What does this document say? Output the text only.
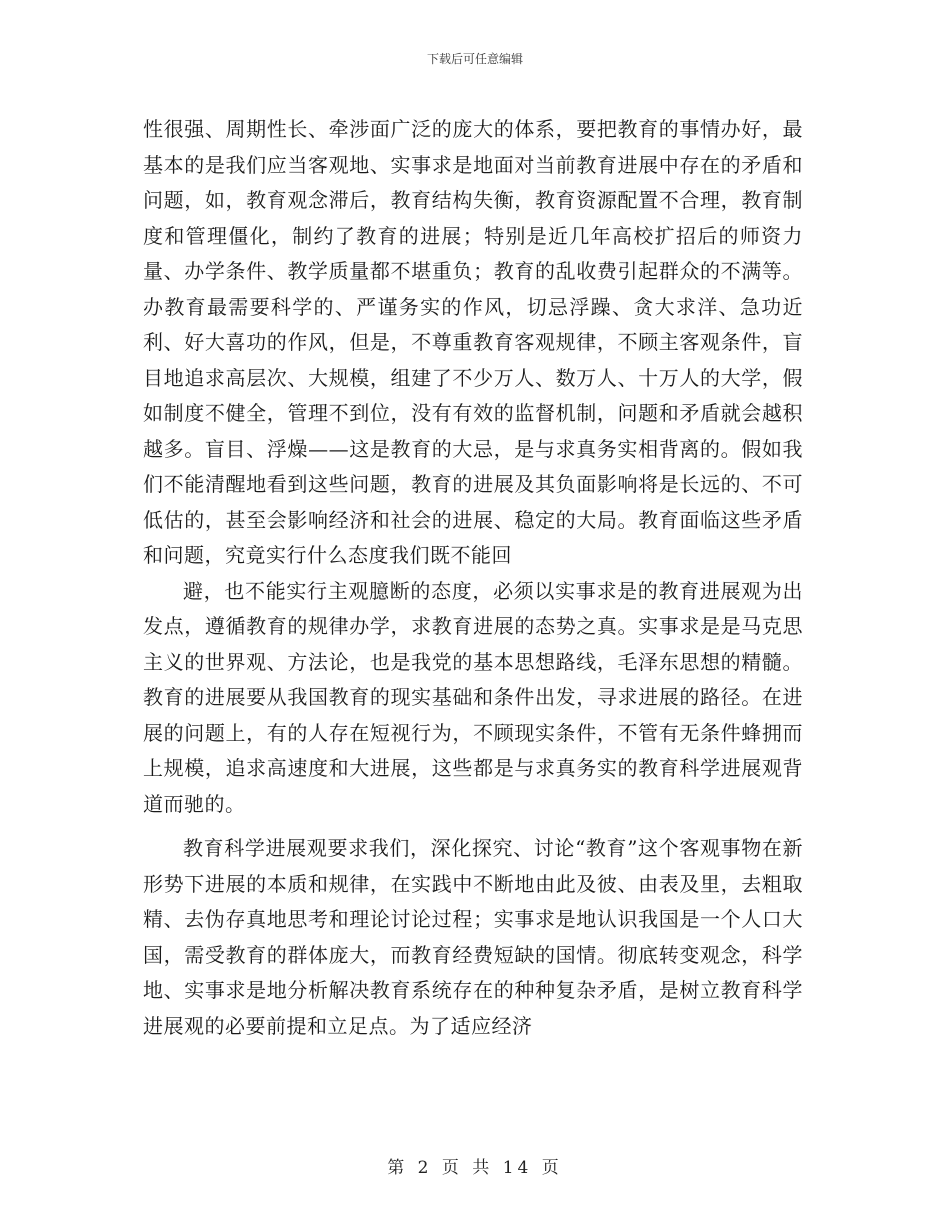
下载后可任意编辑

性很强、周期性长、牵涉面广泛的庞大的体系，要把教育的事情办好，最基本的是我们应当客观地、实事求是地面对当前教育进展中存在的矛盾和问题，如，教育观念滞后，教育结构失衡，教育资源配置不合理，教育制度和管理僵化，制约了教育的进展；特别是近几年高校扩招后的师资力量、办学条件、教学质量都不堪重负；教育的乱收费引起群众的不满等。办教育最需要科学的、严谨务实的作风，切忌浮躁、贪大求洋、急功近利、好大喜功的作风，但是，不尊重教育客观规律，不顾主客观条件，盲目地追求高层次、大规模，组建了不少万人、数万人、十万人的大学，假如制度不健全，管理不到位，没有有效的监督机制，问题和矛盾就会越积越多。盲目、浮燥——这是教育的大忌，是与求真务实相背离的。假如我们不能清醒地看到这些问题，教育的进展及其负面影响将是长远的、不可低估的，甚至会影响经济和社会的进展、稳定的大局。教育面临这些矛盾和问题，究竟实行什么态度我们既不能回

避，也不能实行主观臆断的态度，必须以实事求是的教育进展观为出发点，遵循教育的规律办学，求教育进展的态势之真。实事求是是马克思主义的世界观、方法论，也是我党的基本思想路线，毛泽东思想的精髓。教育的进展要从我国教育的现实基础和条件出发，寻求进展的路径。在进展的问题上，有的人存在短视行为，不顾现实条件，不管有无条件蜂拥而上规模，追求高速度和大进展，这些都是与求真务实的教育科学进展观背道而驰的。

教育科学进展观要求我们，深化探究、讨论“教育”这个客观事物在新形势下进展的本质和规律，在实践中不断地由此及彼、由表及里，去粗取精、去伪存真地思考和理论讨论过程；实事求是地认识我国是一个人口大国，需受教育的群体庞大，而教育经费短缺的国情。彻底转变观念，科学地、实事求是地分析解决教育系统存在的种种复杂矛盾，是树立教育科学进展观的必要前提和立足点。为了适应经济

第 2 页 共 14 页
